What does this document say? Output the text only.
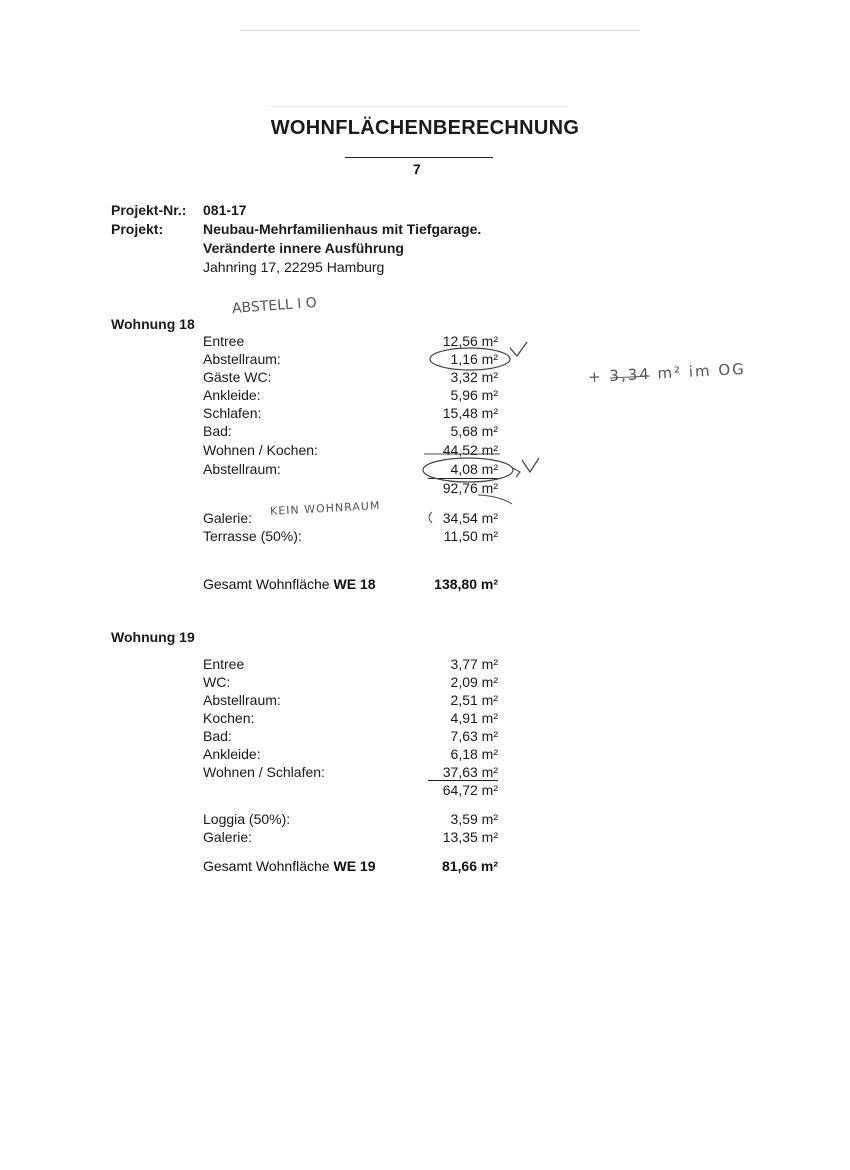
WOHNFLÄCHENBERECHNUNG
7
Projekt-Nr.: 081-17
Projekt:	Neubau-Mehrfamilienhaus mit Tiefgarage.
Veränderte innere Ausführung
Jahnring 17, 22295 Hamburg
Wohnung 18
ABSTELL I O
Entree	12,56 m²
Abstellraum:	1,16 m²
Gäste WC:	3,32 m²
Ankleide:	5,96 m²
Schlafen:	15,48 m²
Bad:	5,68 m²
Wohnen / Kochen:	44,52 m²
Abstellraum:	4,08 m²
92,76 m²
Galerie:	34,54 m²
KEIN WOHNRAUM
Terrasse (50%):	11,50 m²
Gesamt Wohnfläche WE 18	138,80 m²
+ 3,34 m² im OG
Wohnung 19
Entree	3,77 m²
WC:	2,09 m²
Abstellraum:	2,51 m²
Kochen:	4,91 m²
Bad:	7,63 m²
Ankleide:	6,18 m²
Wohnen / Schlafen:	37,63 m²
64,72 m²
Loggia (50%):	3,59 m²
Galerie:	13,35 m²
Gesamt Wohnfläche WE 19	81,66 m²
